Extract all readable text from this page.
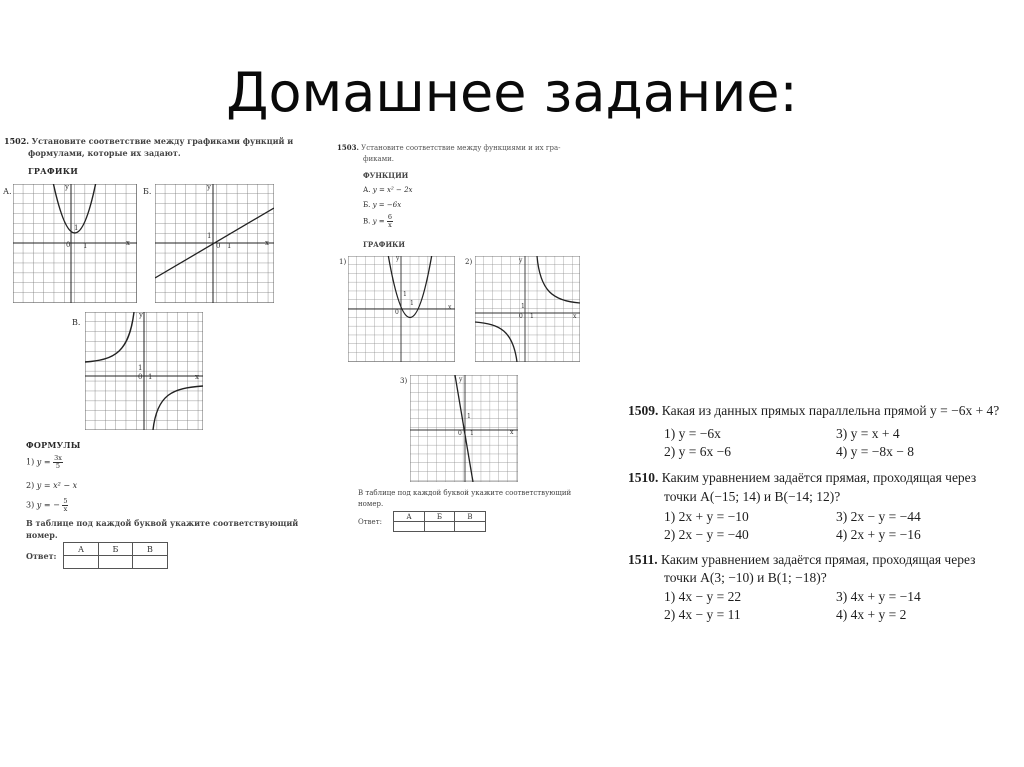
Домашнее задание:
1502. Установите соответствие между графиками функций и
формулами, которые их задают.
ГРАФИКИ
А.	y
0 1
1
x
Б.	y
0 1
1
x
В.
y
0 1
1
x
ФОРМУЛЫ
1) $y = \frac{3x}{5}$
2) y = x² − x
3) y = − $\frac{5}{x}$
В таблице под каждой буквой укажите соответствующий
номер.
Ответ:
А	Б	В

1503. Установите соответствие между функциями и их гра-
фиками.
ФУНКЦИИ
А. y = x² − 2x
Б. y = −6x
В. $y = \frac{6}{x}$
ГРАФИКИ
1)	y
0
1
1
x
2)	y
0 1
1
x
3)	y
0 1
1
x
В таблице под каждой буквой укажите соответствующий
номер.
Ответ:
А	Б	В

1509. Какая из данных прямых параллельна прямой y = −6x + 4?
1) y = −6x
2) y = 6x −6
3) y = x + 4
4) y = −8x − 8
1510. Каким уравнением задаётся прямая, проходящая через
точки A(−15; 14) и B(−14; 12)?
1) 2x + y = −10
2) 2x − y = −40
3) 2x − y = −44
4) 2x + y = −16
1511. Каким уравнением задаётся прямая, проходящая через
точки A(3; −10) и B(1; −18)?
1) 4x − y = 22
2) 4x − y = 11
3) 4x + y = −14
4) 4x + y = 2
